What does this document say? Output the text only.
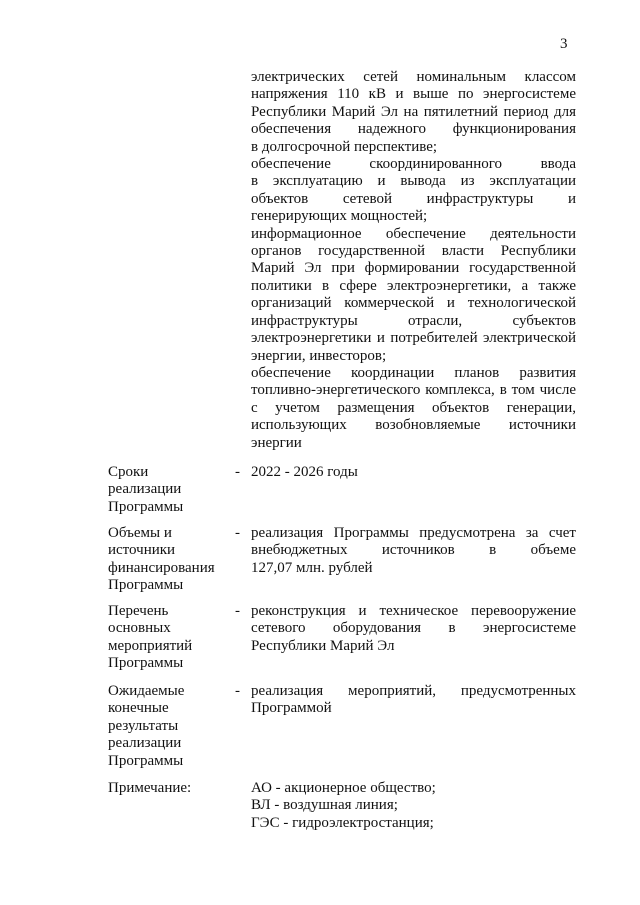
3
электрических сетей номинальным классом
напряжения 110 кВ и выше по энергосистеме
Республики Марий Эл на пятилетний период для
обеспечения надежного функционирования
в долгосрочной перспективе;
обеспечение скоординированного ввода
в эксплуатацию и вывода из эксплуатации
объектов сетевой инфраструктуры и
генерирующих мощностей;
информационное обеспечение деятельности
органов государственной власти Республики
Марий Эл при формировании государственной
политики в сфере электроэнергетики, а также
организаций коммерческой и технологической
инфраструктуры отрасли, субъектов
электроэнергетики и потребителей электрической
энергии, инвесторов;
обеспечение координации планов развития
топливно-энергетического комплекса, в том числе
с учетом размещения объектов генерации,
использующих возобновляемые источники
энергии
Сроки
реализации
Программы
- 2022 - 2026 годы
Объемы и
источники
финансирования
Программы
- реализация Программы предусмотрена за счет
внебюджетных источников в объеме
127,07 млн. рублей
Перечень
основных
мероприятий
Программы
- реконструкция и техническое перевооружение
сетевого оборудования в энергосистеме
Республики Марий Эл
Ожидаемые
конечные
результаты
реализации
Программы
- реализация мероприятий, предусмотренных
Программой
Примечание:	АО - акционерное общество;
ВЛ - воздушная линия;
ГЭС - гидроэлектростанция;
